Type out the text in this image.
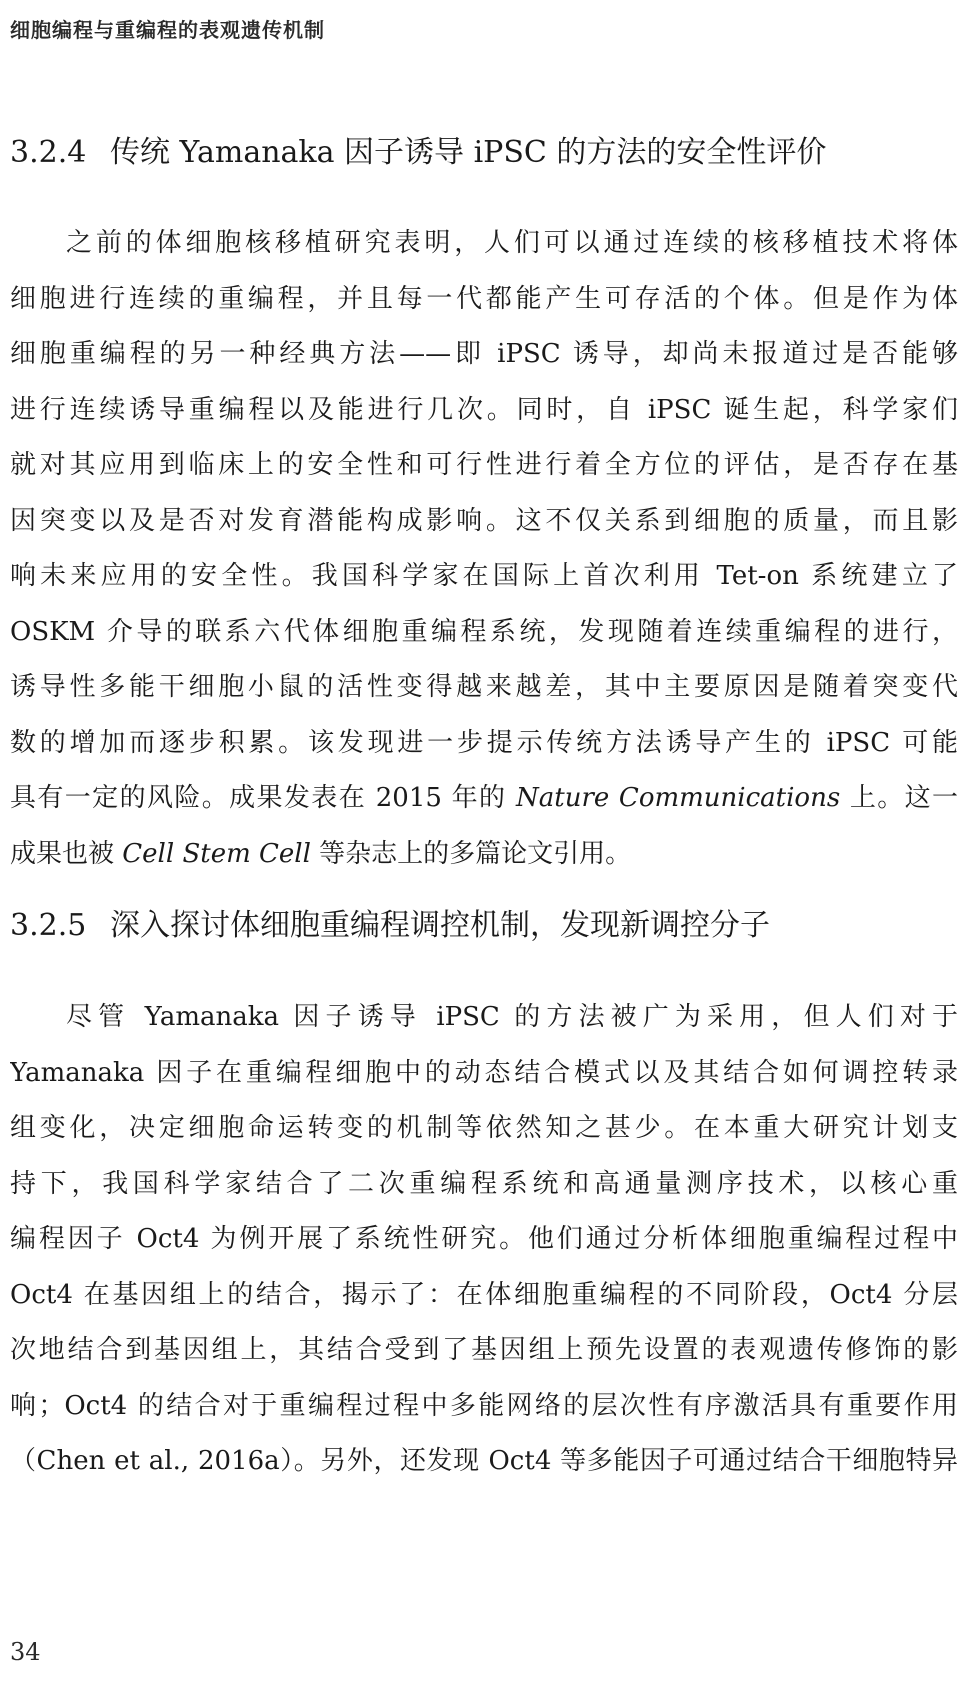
细胞编程与重编程的表观遗传机制
3.2.4 传统 Yamanaka 因子诱导 iPSC 的方法的安全性评价
之前的体细胞核移植研究表明，人们可以通过连续的核移植技术将体
细胞进行连续的重编程，并且每一代都能产生可存活的个体。但是作为体
细胞重编程的另一种经典方法——即 iPSC 诱导，却尚未报道过是否能够
进行连续诱导重编程以及能进行几次。同时，自 iPSC 诞生起，科学家们
就对其应用到临床上的安全性和可行性进行着全方位的评估，是否存在基
因突变以及是否对发育潜能构成影响。这不仅关系到细胞的质量，而且影
响未来应用的安全性。我国科学家在国际上首次利用 Tet-on 系统建立了
OSKM 介导的联系六代体细胞重编程系统，发现随着连续重编程的进行，
诱导性多能干细胞小鼠的活性变得越来越差，其中主要原因是随着突变代
数的增加而逐步积累。该发现进一步提示传统方法诱导产生的 iPSC 可能
具有一定的风险。成果发表在 2015 年的 Nature Communications 上。这一
成果也被 Cell Stem Cell 等杂志上的多篇论文引用。
3.2.5 深入探讨体细胞重编程调控机制，发现新调控分子
尽管 Yamanaka 因子诱导 iPSC 的方法被广为采用，但人们对于
Yamanaka 因子在重编程细胞中的动态结合模式以及其结合如何调控转录
组变化，决定细胞命运转变的机制等依然知之甚少。在本重大研究计划支
持下，我国科学家结合了二次重编程系统和高通量测序技术，以核心重
编程因子 Oct4 为例开展了系统性研究。他们通过分析体细胞重编程过程中
Oct4 在基因组上的结合，揭示了：在体细胞重编程的不同阶段，Oct4 分层
次地结合到基因组上，其结合受到了基因组上预先设置的表观遗传修饰的影
响；Oct4 的结合对于重编程过程中多能网络的层次性有序激活具有重要作用
（Chen et al., 2016a）。另外，还发现 Oct4 等多能因子可通过结合干细胞特异
34
